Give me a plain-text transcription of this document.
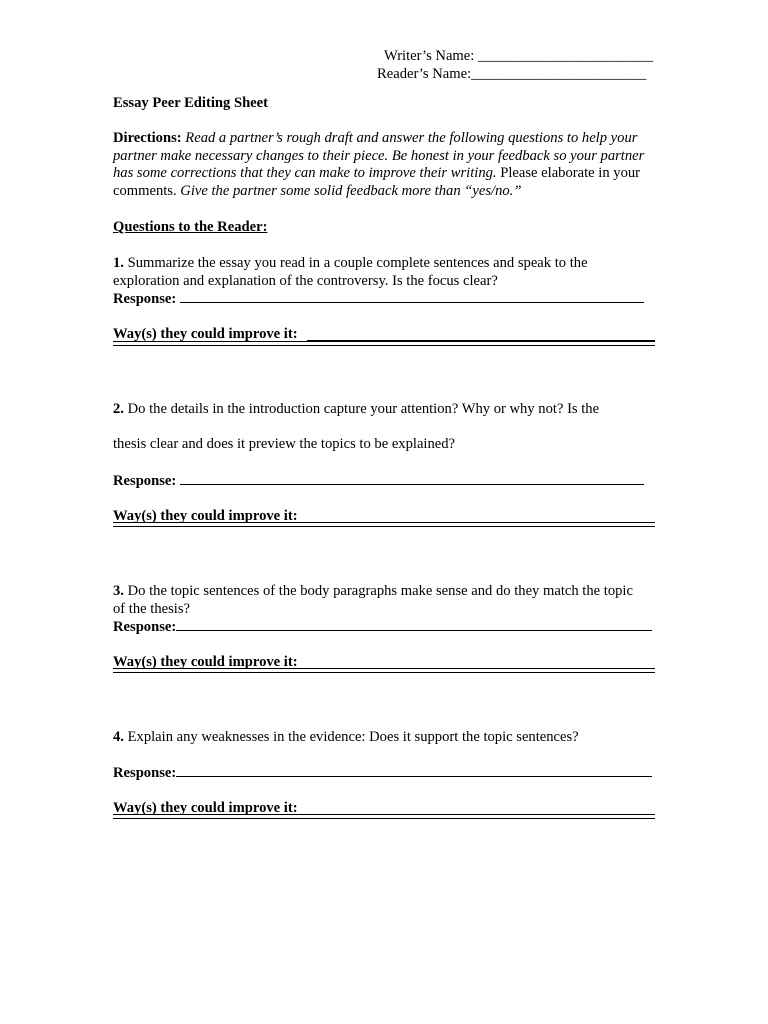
Writer’s Name: ________________________
Reader’s Name:________________________
Essay Peer Editing Sheet
Directions: Read a partner’s rough draft and answer the following questions to help your partner make necessary changes to their piece. Be honest in your feedback so your partner has some corrections that they can make to improve their writing. Please elaborate in your comments. Give the partner some solid feedback more than “yes/no.”
Questions to the Reader:
1. Summarize the essay you read in a couple complete sentences and speak to the
exploration and explanation of the controversy. Is the focus clear?
Response:
Way(s) they could improve it:
2. Do the details in the introduction capture your attention? Why or why not? Is the
thesis clear and does it preview the topics to be explained?
Response:
Way(s) they could improve it:
3. Do the topic sentences of the body paragraphs make sense and do they match the topic
of the thesis?
Response:
Way(s) they could improve it:
4. Explain any weaknesses in the evidence: Does it support the topic sentences?
Response:
Way(s) they could improve it:
